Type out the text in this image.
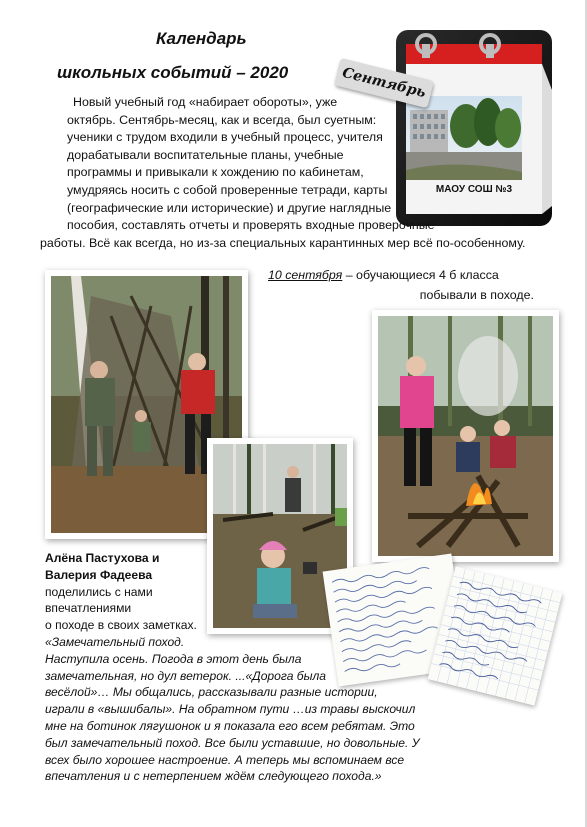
Календарь
школьных событий – 2020	Сентябрь
МАОУ СОШ №3
Новый учебный год «набирает обороты», уже
октябрь. Сентябрь-месяц, как и всегда, был суетным:
ученики с трудом входили в учебный процесс, учителя
дорабатывали воспитательные планы, учебные
программы и привыкали к хождению по кабинетам,
умудряясь носить с собой проверенные тетради, карты
(географические или исторические) и другие наглядные
пособия, составлять отчеты и проверять входные проверочные
работы. Всё как всегда, но из-за специальных карантинных мер всё по-особенному.
10 сентября – обучающиеся 4 б класса
побывали в походе.
Алёна Пастухова и
Валерия Фадеева
поделились с нами
впечатлениями
о походе в своих заметках.
«Замечательный поход.
Наступила осень. Погода в этот день была
замечательная, но дул ветерок. ...«Дорога была
весёлой»… Мы общались, рассказывали разные истории,
играли в «вышибалы». На обратном пути …из травы выскочил
мне на ботинок лягушонок и я показала его всем ребятам. Это
был замечательный поход. Все были уставшие, но довольные. У
всех было хорошее настроение. А теперь мы вспоминаем все
впечатления и с нетерпением ждём следующего похода.»
